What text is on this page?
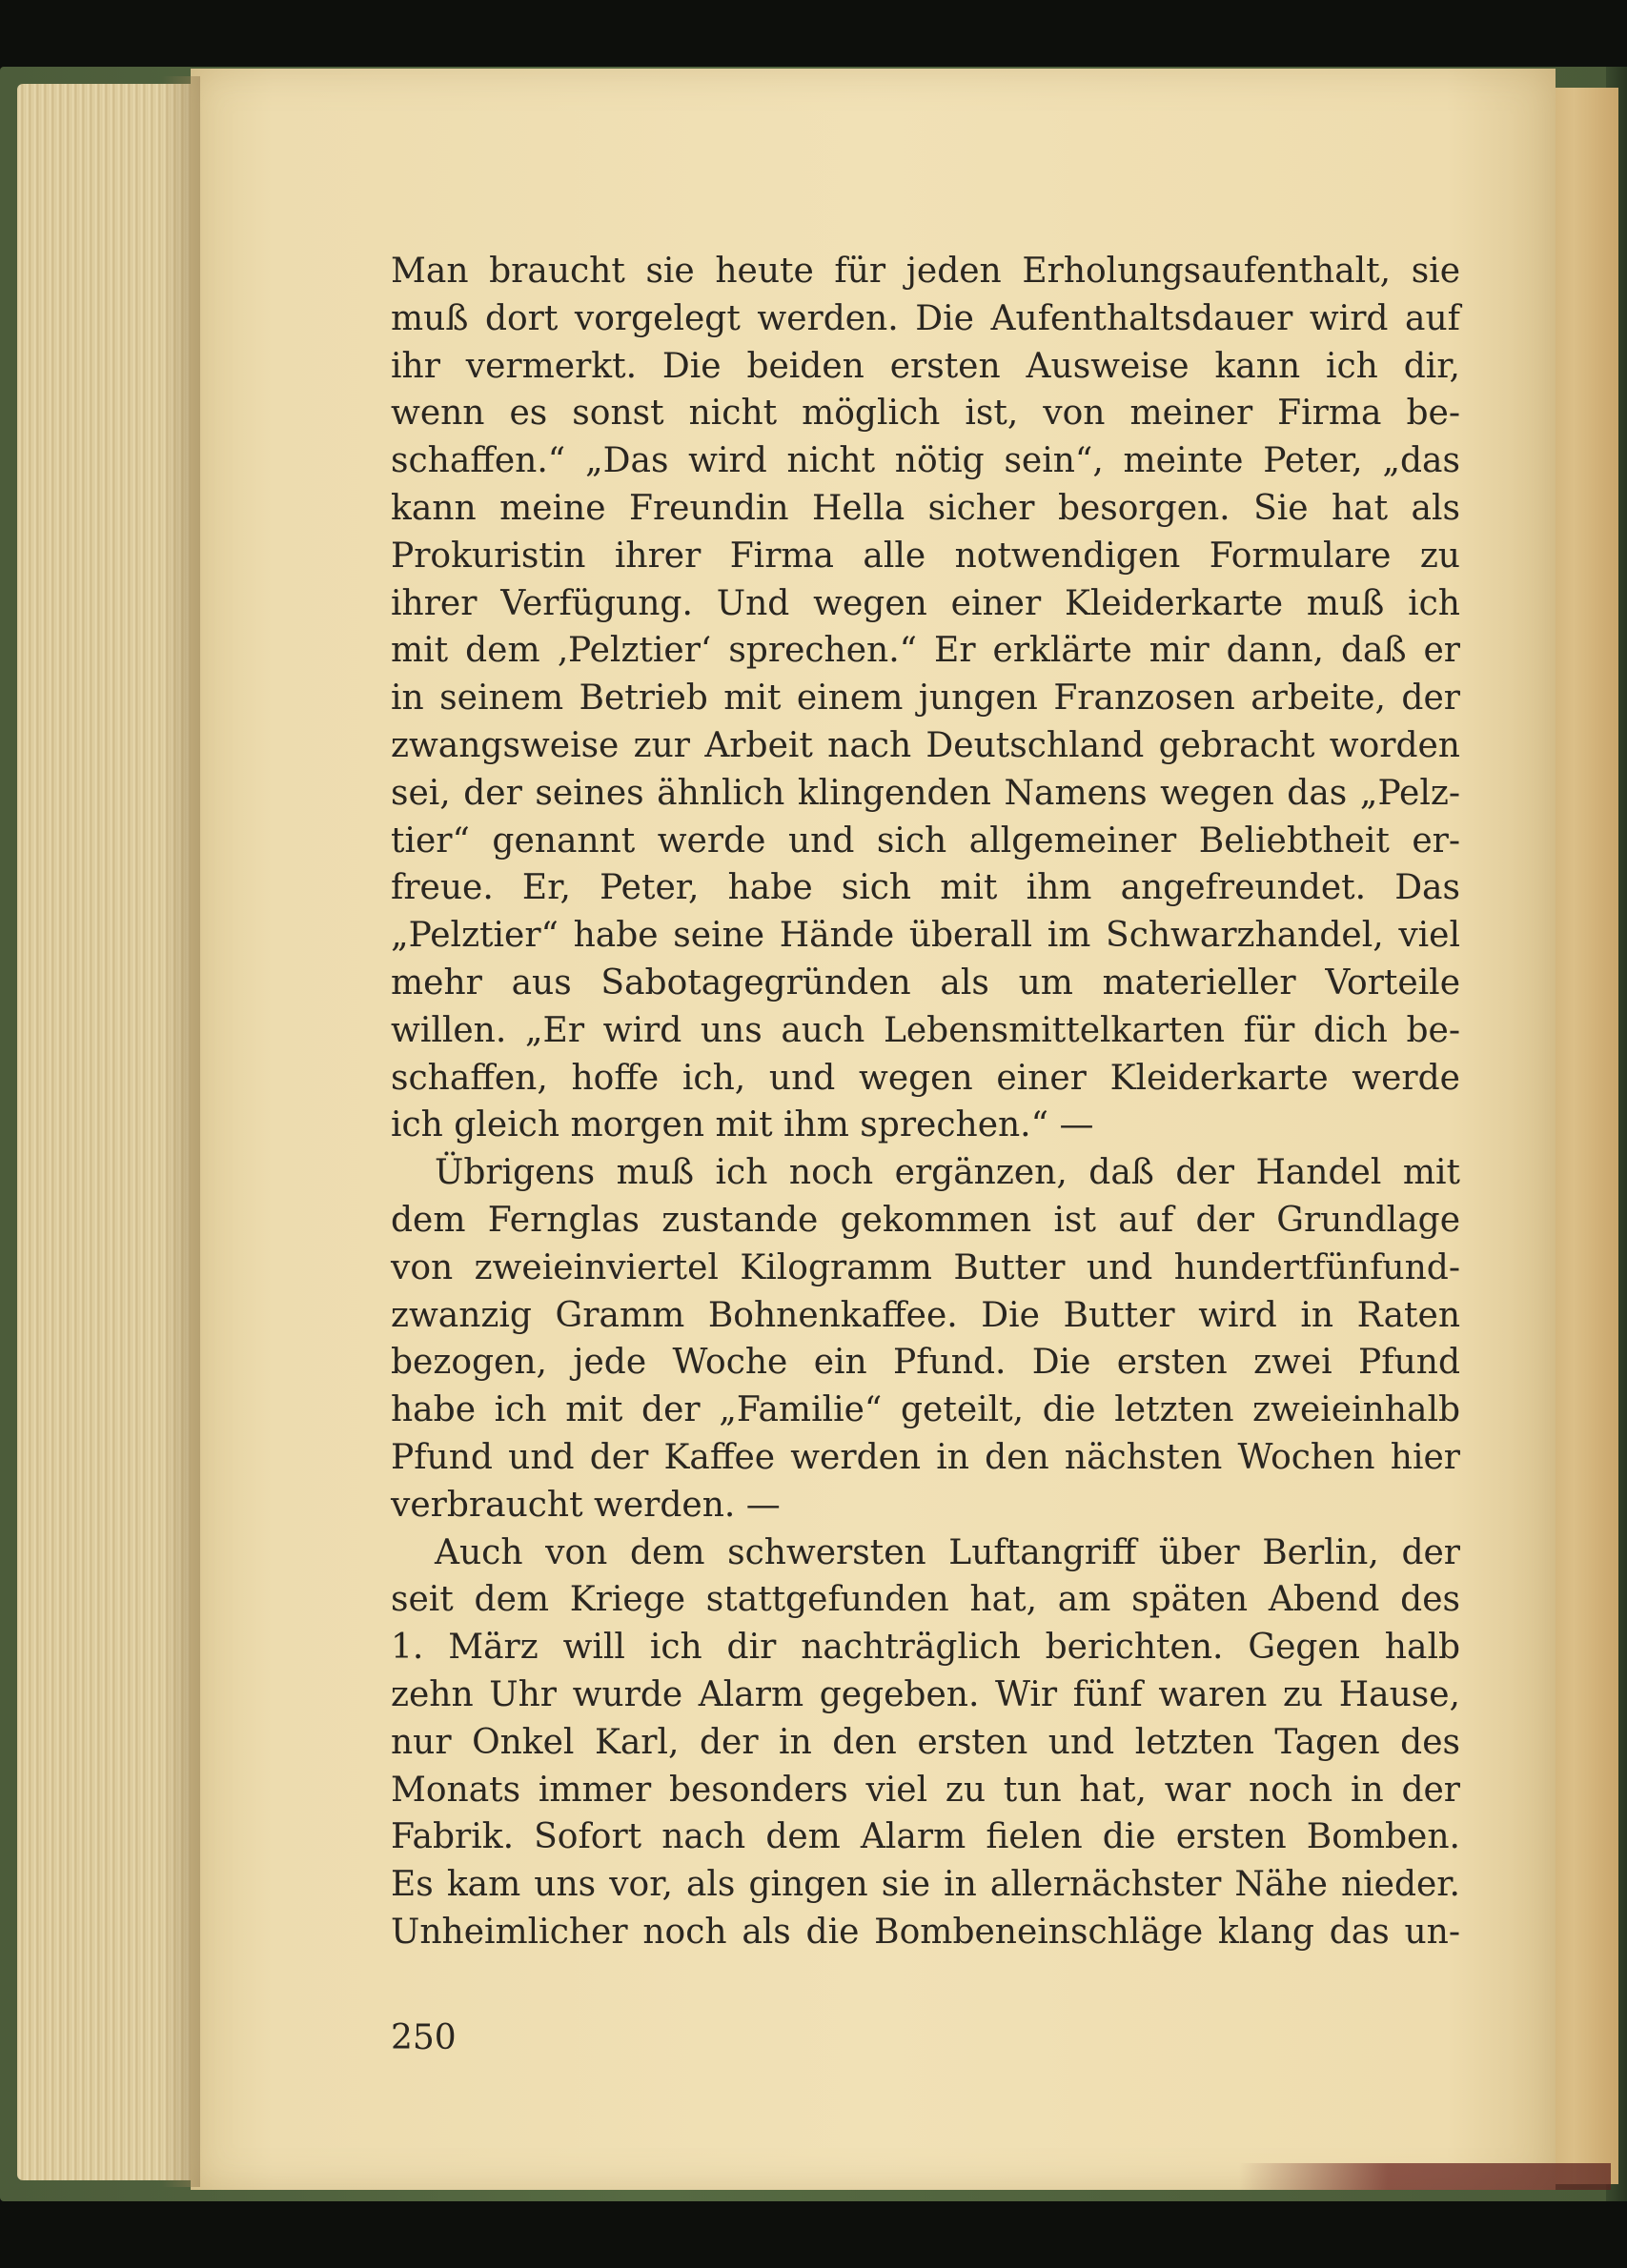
Man braucht sie heute für jeden Erholungsaufenthalt, sie
muß dort vorgelegt werden. Die Aufenthaltsdauer wird auf
ihr vermerkt. Die beiden ersten Ausweise kann ich dir,
wenn es sonst nicht möglich ist, von meiner Firma be-
schaffen.“ „Das wird nicht nötig sein“, meinte Peter, „das
kann meine Freundin Hella sicher besorgen. Sie hat als
Prokuristin ihrer Firma alle notwendigen Formulare zu
ihrer Verfügung. Und wegen einer Kleiderkarte muß ich
mit dem ‚Pelztier‘ sprechen.“ Er erklärte mir dann, daß er
in seinem Betrieb mit einem jungen Franzosen arbeite, der
zwangsweise zur Arbeit nach Deutschland gebracht worden
sei, der seines ähnlich klingenden Namens wegen das „Pelz-
tier“ genannt werde und sich allgemeiner Beliebtheit er-
freue. Er, Peter, habe sich mit ihm angefreundet. Das
„Pelztier“ habe seine Hände überall im Schwarzhandel, viel
mehr aus Sabotagegründen als um materieller Vorteile
willen. „Er wird uns auch Lebensmittelkarten für dich be-
schaffen, hoffe ich, und wegen einer Kleiderkarte werde
ich gleich morgen mit ihm sprechen.“ —
Übrigens muß ich noch ergänzen, daß der Handel mit
dem Fernglas zustande gekommen ist auf der Grundlage
von zweieinviertel Kilogramm Butter und hundertfünfund-
zwanzig Gramm Bohnenkaffee. Die Butter wird in Raten
bezogen, jede Woche ein Pfund. Die ersten zwei Pfund
habe ich mit der „Familie“ geteilt, die letzten zweieinhalb
Pfund und der Kaffee werden in den nächsten Wochen hier
verbraucht werden. —
Auch von dem schwersten Luftangriff über Berlin, der
seit dem Kriege stattgefunden hat, am späten Abend des
1. März will ich dir nachträglich berichten. Gegen halb
zehn Uhr wurde Alarm gegeben. Wir fünf waren zu Hause,
nur Onkel Karl, der in den ersten und letzten Tagen des
Monats immer besonders viel zu tun hat, war noch in der
Fabrik. Sofort nach dem Alarm fielen die ersten Bomben.
Es kam uns vor, als gingen sie in allernächster Nähe nieder.
Unheimlicher noch als die Bombeneinschläge klang das un-
250
